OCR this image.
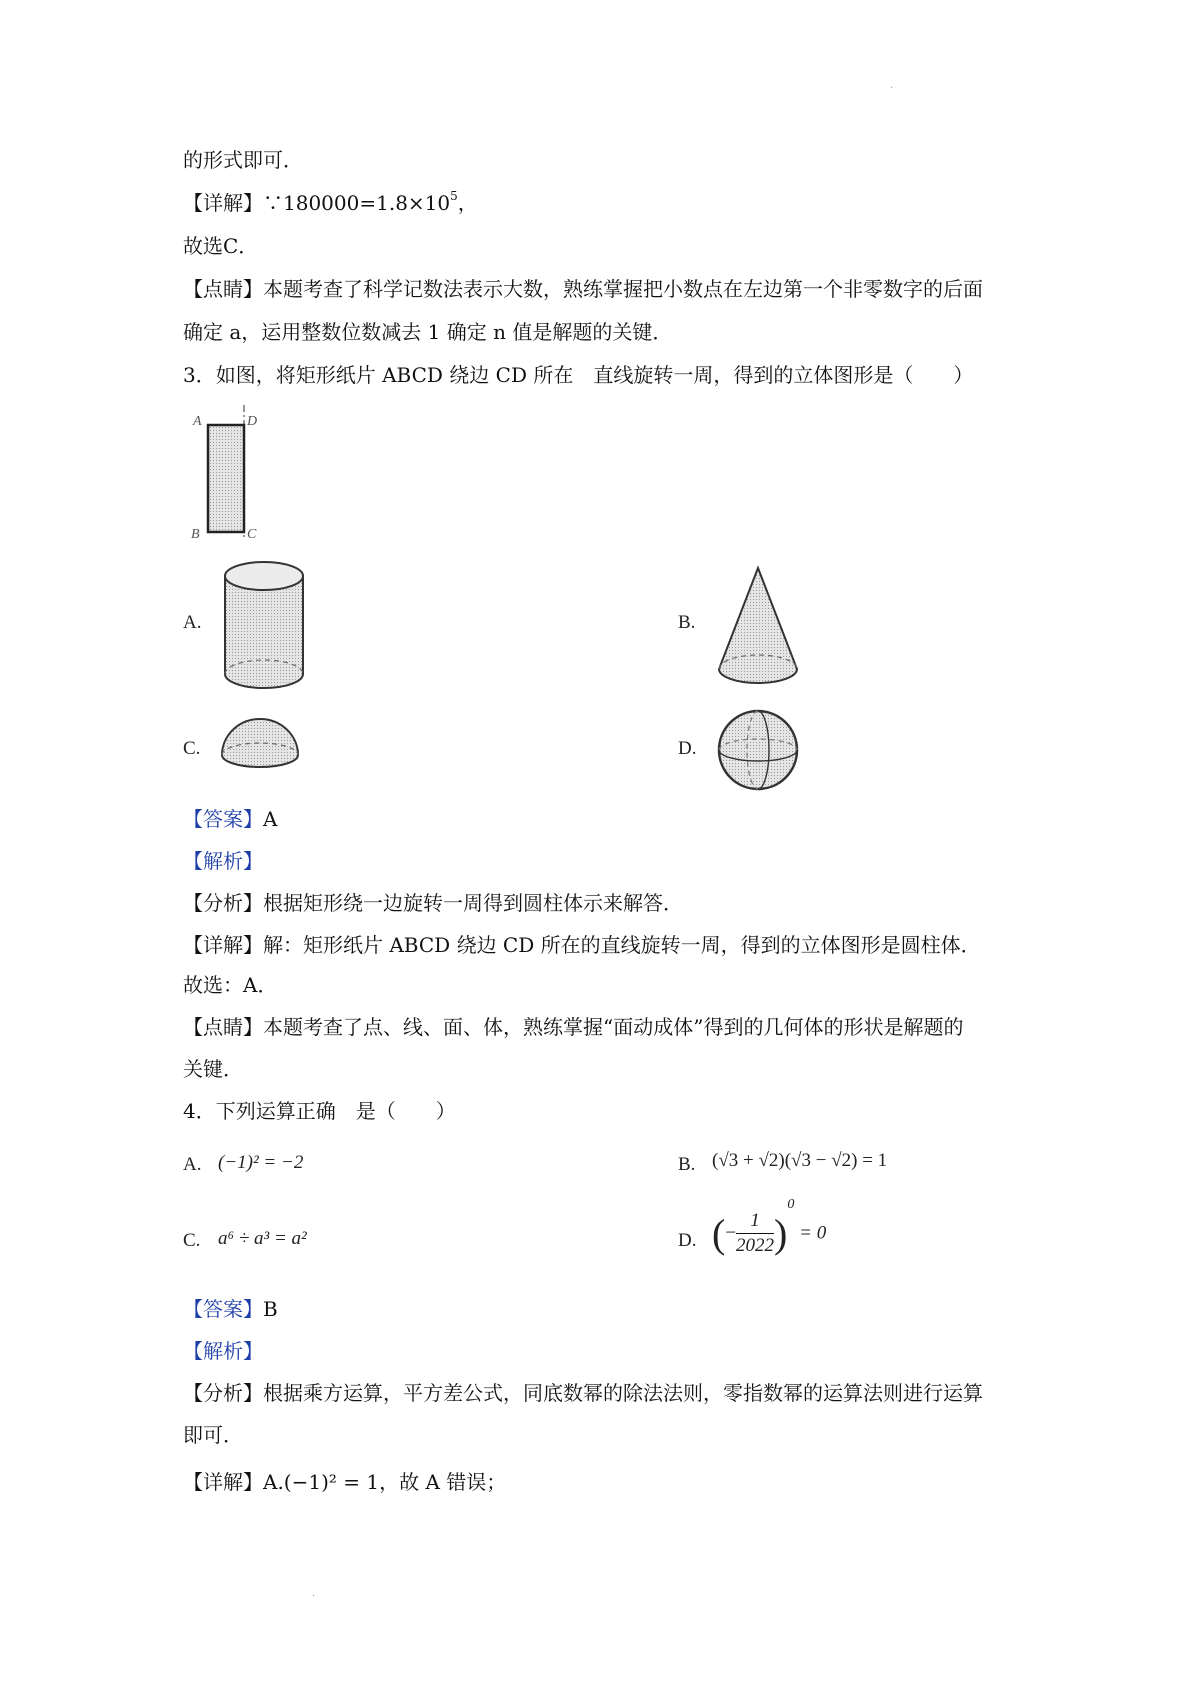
.
的形式即可．
【详解】$\because 180000=1.8\times 10^5$，
故选C．
【点睛】本题考查了科学记数法表示大数，熟练掌握把小数点在左边第一个非零数字的后面
确定 a，运用整数位数减去 1 确定 n 值是解题的关键．
3．如图，将矩形纸片 ABCD 绕边 CD 所在　直线旋转一周，得到的立体图形是（　　）
A	D
B	C
A.	B.
C.	D.
【答案】A
【解析】
【分析】根据矩形绕一边旋转一周得到圆柱体示来解答．
【详解】解：矩形纸片 ABCD 绕边 CD 所在的直线旋转一周，得到的立体图形是圆柱体．
故选：A．
【点睛】本题考查了点、线、面、体，熟练掌握“面动成体”得到的几何体的形状是解题的
关键．
4．下列运算正确　是（　　）
A. (−1)² = −2	B. (√3 + √2)(√3 − √2) = 1
C. a⁶ ÷ a³ = a²	D. (− $\frac{1}{2022} )^0 = 0$
【答案】B
【解析】
【分析】根据乘方运算，平方差公式，同底数幂的除法法则，零指数幂的运算法则进行运算
即可．
【详解】A.(−1)² = 1，故 A 错误；
.
